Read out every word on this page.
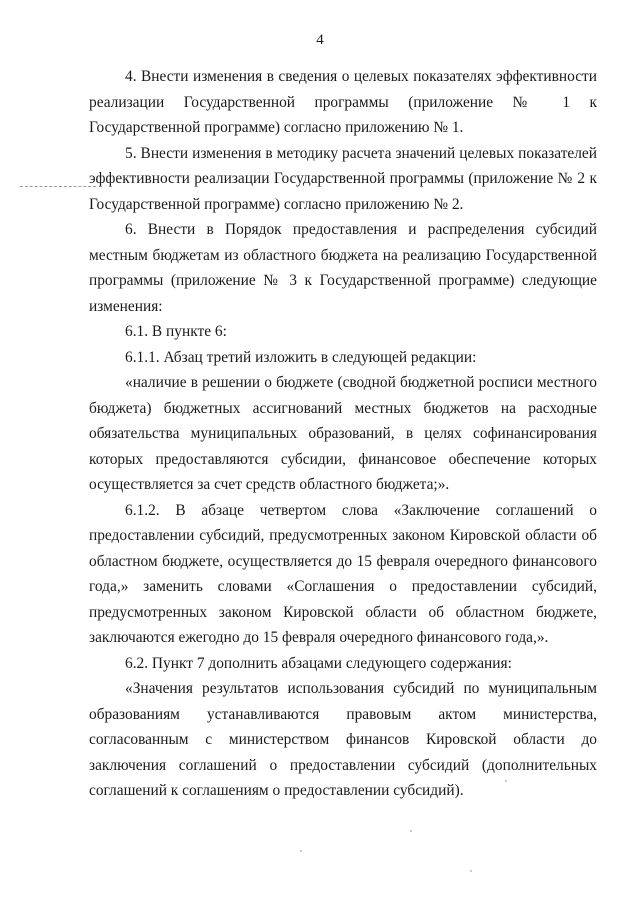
4

4. Внести изменения в сведения о целевых показателях эффективности реализации Государственной программы (приложение № 1 к Государственной программе) согласно приложению № 1.

5. Внести изменения в методику расчета значений целевых показателей эффективности реализации Государственной программы (приложение № 2 к Государственной программе) согласно приложению № 2.

6. Внести в Порядок предоставления и распределения субсидий местным бюджетам из областного бюджета на реализацию Государственной программы (приложение № 3 к Государственной программе) следующие изменения:

6.1. В пункте 6:

6.1.1. Абзац третий изложить в следующей редакции:

«наличие в решении о бюджете (сводной бюджетной росписи местного бюджета) бюджетных ассигнований местных бюджетов на расходные обязательства муниципальных образований, в целях софинансирования которых предоставляются субсидии, финансовое обеспечение которых осуществляется за счет средств областного бюджета;».

6.1.2. В абзаце четвертом слова «Заключение соглашений о предоставлении субсидий, предусмотренных законом Кировской области об областном бюджете, осуществляется до 15 февраля очередного финансового года,» заменить словами «Соглашения о предоставлении субсидий, предусмотренных законом Кировской области об областном бюджете, заключаются ежегодно до 15 февраля очередного финансового года,».

6.2. Пункт 7 дополнить абзацами следующего содержания:

«Значения результатов использования субсидий по муниципальным образованиям устанавливаются правовым актом министерства, согласованным с министерством финансов Кировской области до заключения соглашений о предоставлении субсидий (дополнительных соглашений к соглашениям о предоставлении субсидий).
